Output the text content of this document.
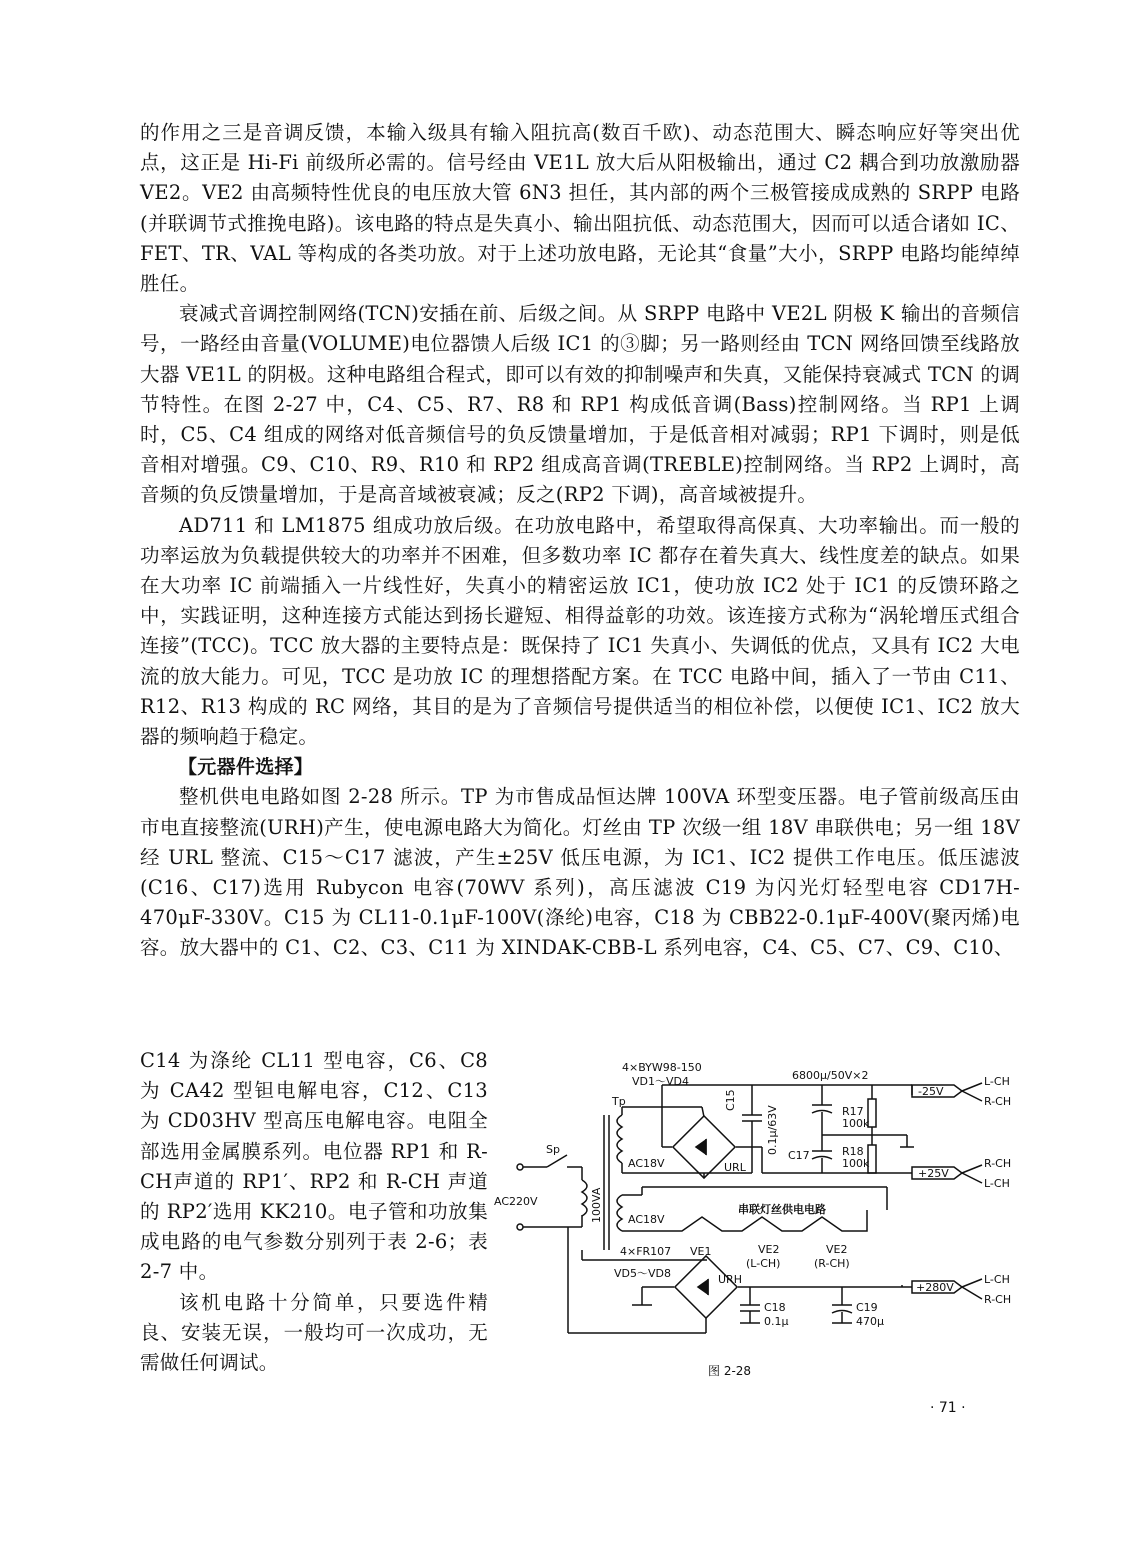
的作用之三是音调反馈，本输入级具有输入阻抗高(数百千欧)、动态范围大、瞬态响应好等突出优点，这正是 Hi-Fi 前级所必需的。信号经由 VE1L 放大后从阳极输出，通过 C2 耦合到功放激励器 VE2。VE2 由高频特性优良的电压放大管 6N3 担任，其内部的两个三极管接成成熟的 SRPP 电路(并联调节式推挽电路)。该电路的特点是失真小、输出阻抗低、动态范围大，因而可以适合诸如 IC、FET、TR、VAL 等构成的各类功放。对于上述功放电路，无论其“食量”大小，SRPP 电路均能绰绰胜任。

衰减式音调控制网络(TCN)安插在前、后级之间。从 SRPP 电路中 VE2L 阴极 K 输出的音频信号，一路经由音量(VOLUME)电位器馈人后级 IC1 的③脚；另一路则经由 TCN 网络回馈至线路放大器 VE1L 的阴极。这种电路组合程式，即可以有效的抑制噪声和失真，又能保持衰减式 TCN 的调节特性。在图 2-27 中，C4、C5、R7、R8 和 RP1 构成低音调(Bass)控制网络。当 RP1 上调时，C5、C4 组成的网络对低音频信号的负反馈量增加，于是低音相对减弱；RP1 下调时，则是低音相对增强。C9、C10、R9、R10 和 RP2 组成高音调(TREBLE)控制网络。当 RP2 上调时，高音频的负反馈量增加，于是高音域被衰减；反之(RP2 下调)，高音域被提升。

AD711 和 LM1875 组成功放后级。在功放电路中，希望取得高保真、大功率输出。而一般的功率运放为负载提供较大的功率并不困难，但多数功率 IC 都存在着失真大、线性度差的缺点。如果在大功率 IC 前端插入一片线性好，失真小的精密运放 IC1，使功放 IC2 处于 IC1 的反馈环路之中，实践证明，这种连接方式能达到扬长避短、相得益彰的功效。该连接方式称为“涡轮增压式组合连接”(TCC)。TCC 放大器的主要特点是：既保持了 IC1 失真小、失调低的优点，又具有 IC2 大电流的放大能力。可见，TCC 是功放 IC 的理想搭配方案。在 TCC 电路中间，插入了一节由 C11、R12、R13 构成的 RC 网络，其目的是为了音频信号提供适当的相位补偿，以便使 IC1、IC2 放大器的频响趋于稳定。

【元器件选择】

整机供电电路如图 2-28 所示。TP 为市售成品恒达牌 100VA 环型变压器。电子管前级高压由市电直接整流(URH)产生，使电源电路大为简化。灯丝由 TP 次级一组 18V 串联供电；另一组 18V 经 URL 整流、C15～C17 滤波，产生±25V 低压电源，为 IC1、IC2 提供工作电压。低压滤波(C16、C17)选用 Rubycon 电容(70WV 系列)，高压滤波 C19 为闪光灯轻型电容 CD17H-470μF-330V。C15 为 CL11-0.1μF-100V(涤纶)电容，C18 为 CBB22-0.1μF-400V(聚丙烯)电容。放大器中的 C1、C2、C3、C11 为 XINDAK-CBB-L 系列电容，C4、C5、C7、C9、C10、

C14 为涤纶 CL11 型电容，C6、C8 为 CA42 型钽电解电容，C12、C13 为 CD03HV 型高压电解电容。电阻全部选用金属膜系列。电位器 RP1 和 R-CH声道的 RP1′、RP2 和 R-CH 声道的 RP2′选用 KK210。电子管和功放集成电路的电气参数分别列于表 2-6；表 2-7 中。

该机电路十分简单，只要选件精良、安装无误，一般均可一次成功，无需做任何调试。

4×BYW98-150
VD1～VD4	6800μ/50V×2
-25V
L-CH
R-CH
R17
100k
R18
100k
C17
C15
0.1μ/63V
+25V
R-CH
L-CH
Tp
Sp
AC18V	URL
100VA
AC220V
AC18V
串联灯丝供电电路
4×FR107 VE1	VE2
(L-CH)
VE2
(R-CH)
VD5～VD8	URH
C18
0.1μ
C19
470μ
+280V
L-CH
R-CH
图 2-28
· 71 ·
